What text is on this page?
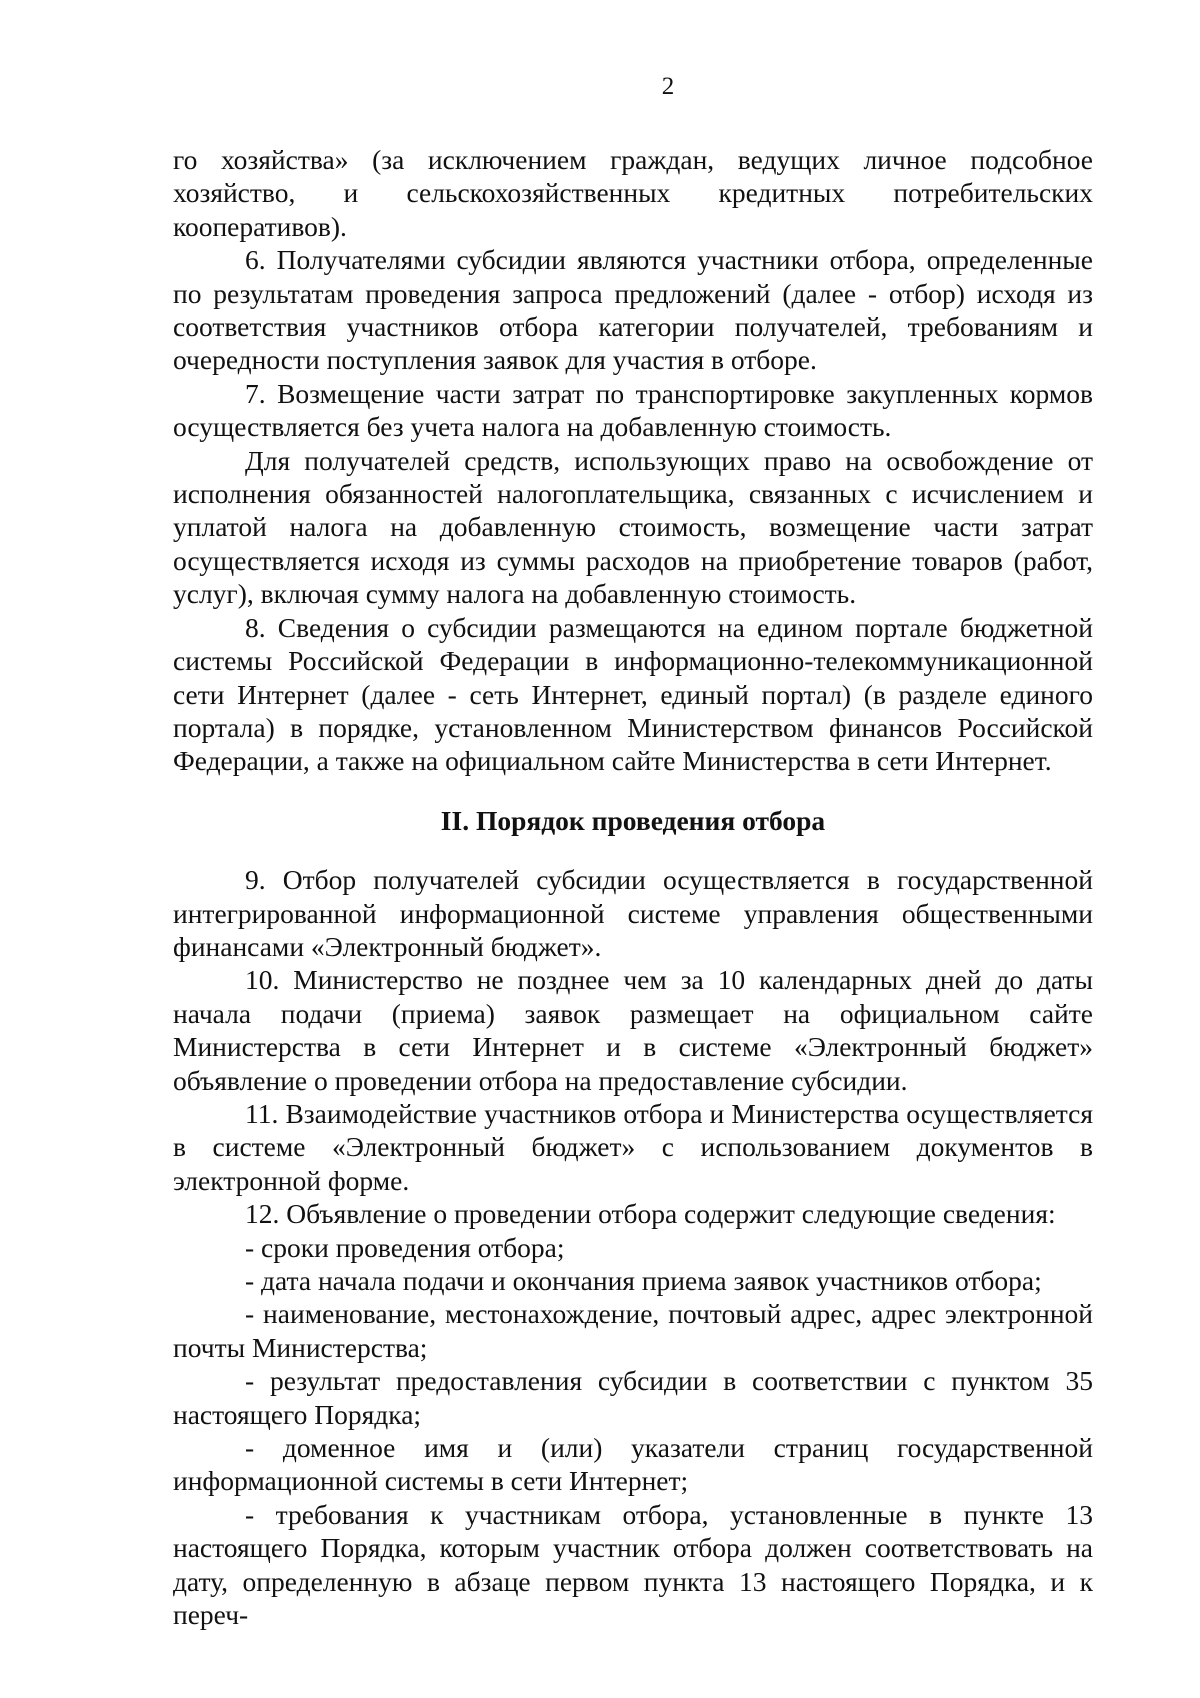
2

го хозяйства» (за исключением граждан, ведущих личное подсобное хозяйство, и сельскохозяйственных кредитных потребительских кооперативов).

6. Получателями субсидии являются участники отбора, определенные по результатам проведения запроса предложений (далее - отбор) исходя из соответствия участников отбора категории получателей, требованиям и очередности поступления заявок для участия в отборе.

7. Возмещение части затрат по транспортировке закупленных кормов осуществляется без учета налога на добавленную стоимость.

Для получателей средств, использующих право на освобождение от исполнения обязанностей налогоплательщика, связанных с исчислением и уплатой налога на добавленную стоимость, возмещение части затрат осуществляется исходя из суммы расходов на приобретение товаров (работ, услуг), включая сумму налога на добавленную стоимость.

8. Сведения о субсидии размещаются на едином портале бюджетной системы Российской Федерации в информационно-телекоммуникационной сети Интернет (далее - сеть Интернет, единый портал) (в разделе единого портала) в порядке, установленном Министерством финансов Российской Федерации, а также на официальном сайте Министерства в сети Интернет.

II. Порядок проведения отбора

9. Отбор получателей субсидии осуществляется в государственной интегрированной информационной системе управления общественными финансами «Электронный бюджет».

10. Министерство не позднее чем за 10 календарных дней до даты начала подачи (приема) заявок размещает на официальном сайте Министерства в сети Интернет и в системе «Электронный бюджет» объявление о проведении отбора на предоставление субсидии.

11. Взаимодействие участников отбора и Министерства осуществляется в системе «Электронный бюджет» с использованием документов в электронной форме.

12. Объявление о проведении отбора содержит следующие сведения:

- сроки проведения отбора;

- дата начала подачи и окончания приема заявок участников отбора;

- наименование, местонахождение, почтовый адрес, адрес электронной почты Министерства;

- результат предоставления субсидии в соответствии с пунктом 35 настоящего Порядка;

- доменное имя и (или) указатели страниц государственной информационной системы в сети Интернет;

- требования к участникам отбора, установленные в пункте 13 настоящего Порядка, которым участник отбора должен соответствовать на дату, определенную в абзаце первом пункта 13 настоящего Порядка, и к переч-
